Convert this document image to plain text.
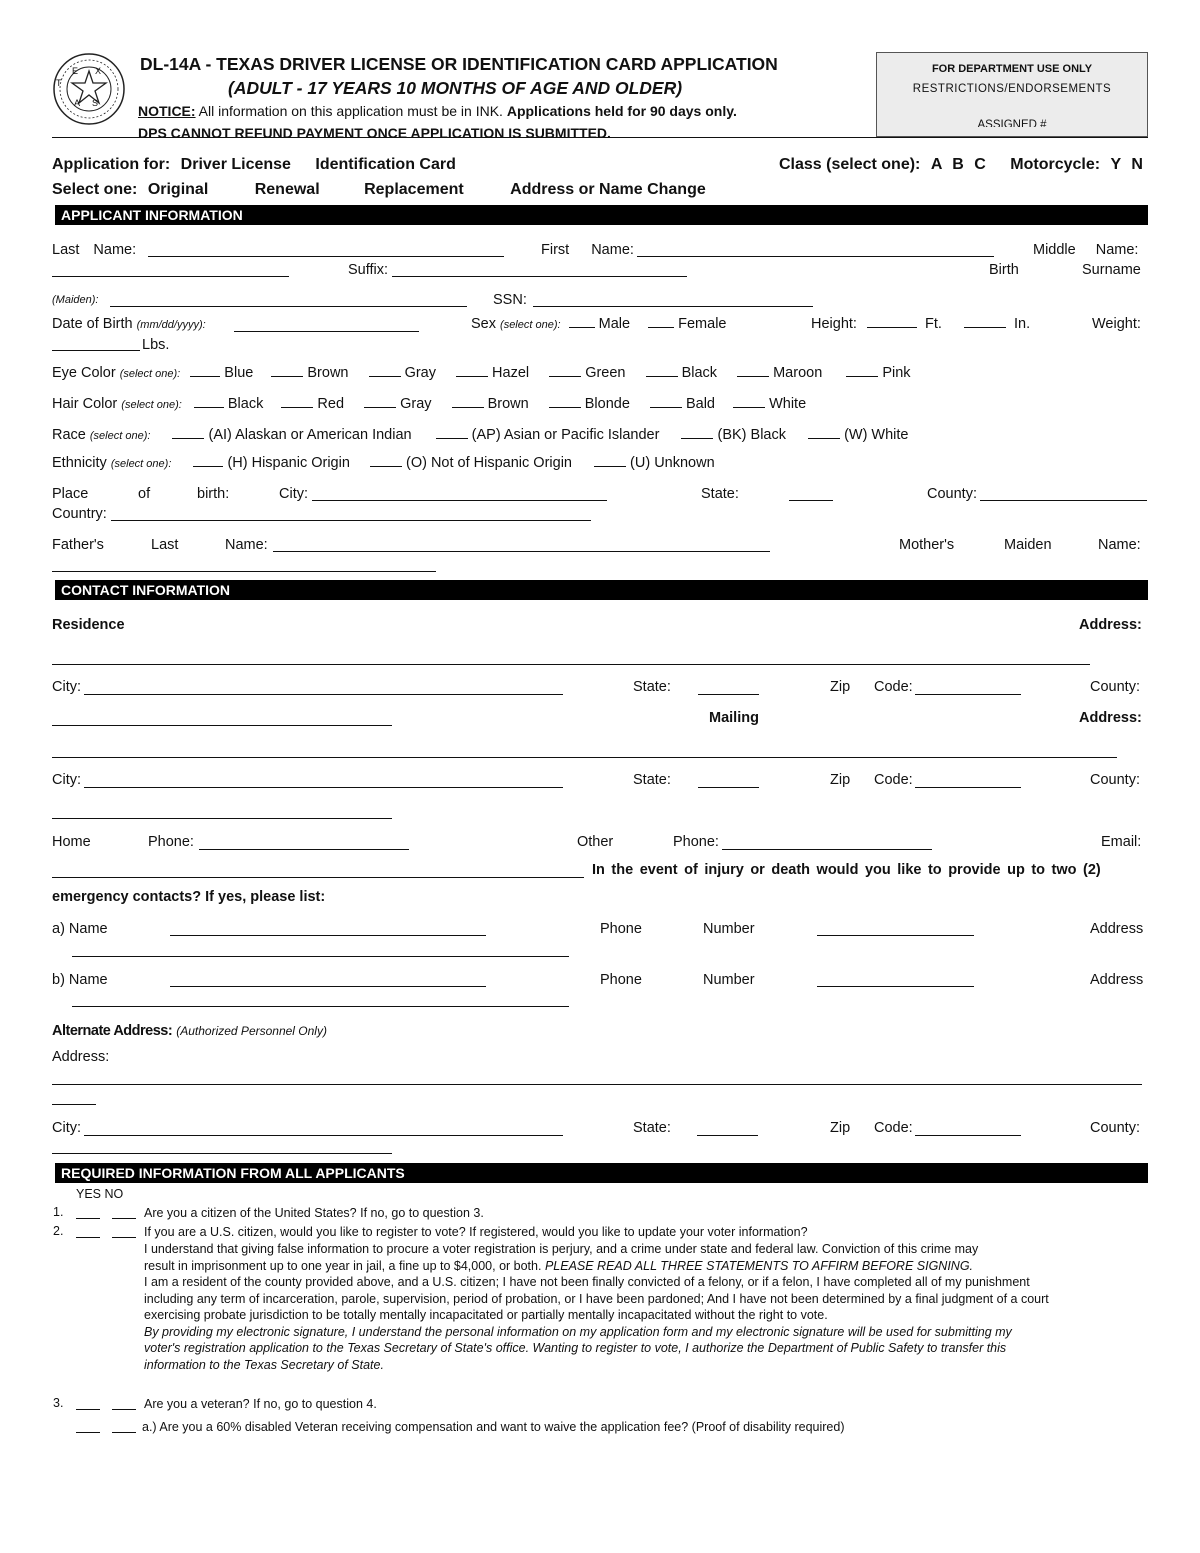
T
E X
A S
DL-14A - TEXAS DRIVER LICENSE OR IDENTIFICATION CARD APPLICATION
(ADULT - 17 YEARS 10 MONTHS OF AGE AND OLDER)
NOTICE: All information on this application must be in INK. Applications held for 90 days only.
DPS CANNOT REFUND PAYMENT ONCE APPLICATION IS SUBMITTED.
FOR DEPARTMENT USE ONLY
RESTRICTIONS/ENDORSEMENTS
ASSIGNED #
Application for: Driver License Identification Card	Class (select one): A B C Motorcycle: Y N
Select one: Original	Renewal	Replacement	Address or Name Change
APPLICANT INFORMATION
Last Name:	First Name:	Middle Name:
Suffix:	Birth	Surname
(Maiden):	SSN:
Date of Birth (mm/dd/yyyy):	Sex (select one):	Male	Female	Height:	Ft.	In.	Weight:
Lbs.
Eye Color (select one):	Blue	Brown	Gray	Hazel	Green	Black	Maroon	Pink
Hair Color (select one):	Black	Red	Gray	Brown	Blonde	Bald	White
Race (select one):	(AI) Alaskan or American Indian	(AP) Asian or Pacific Islander	(BK) Black	(W) White
Ethnicity (select one):	(H) Hispanic Origin	(O) Not of Hispanic Origin	(U) Unknown
Place	of	birth:	City:	State:	County:
Country:
Father's	Last	Name:	Mother's	Maiden	Name:
CONTACT INFORMATION
Residence	Address:
City:	State:	Zip Code:	County:
Mailing	Address:
City:	State:	Zip Code:	County:
Home	Phone:	Other	Phone:	Email:
In the event of injury or death would you like to provide up to two (2)
emergency contacts? If yes, please list:
a) Name	Phone	Number	Address
b) Name	Phone	Number	Address
Alternate Address: (Authorized Personnel Only)
Address:
City:	State:	Zip Code:	County:
REQUIRED INFORMATION FROM ALL APPLICANTS
YES NO
1.	Are you a citizen of the United States? If no, go to question 3.
2.	If you are a U.S. citizen, would you like to register to vote? If registered, would you like to update your voter information?
I understand that giving false information to procure a voter registration is perjury, and a crime under state and federal law. Conviction of this crime may
result in imprisonment up to one year in jail, a fine up to $4,000, or both. PLEASE READ ALL THREE STATEMENTS TO AFFIRM BEFORE SIGNING.
I am a resident of the county provided above, and a U.S. citizen; I have not been finally convicted of a felony, or if a felon, I have completed all of my punishment
including any term of incarceration, parole, supervision, period of probation, or I have been pardoned; And I have not been determined by a final judgment of a court
exercising probate jurisdiction to be totally mentally incapacitated or partially mentally incapacitated without the right to vote.
By providing my electronic signature, I understand the personal information on my application form and my electronic signature will be used for submitting my
voter's registration application to the Texas Secretary of State's office. Wanting to register to vote, I authorize the Department of Public Safety to transfer this
information to the Texas Secretary of State.
3.	Are you a veteran? If no, go to question 4.
a.) Are you a 60% disabled Veteran receiving compensation and want to waive the application fee? (Proof of disability required)
